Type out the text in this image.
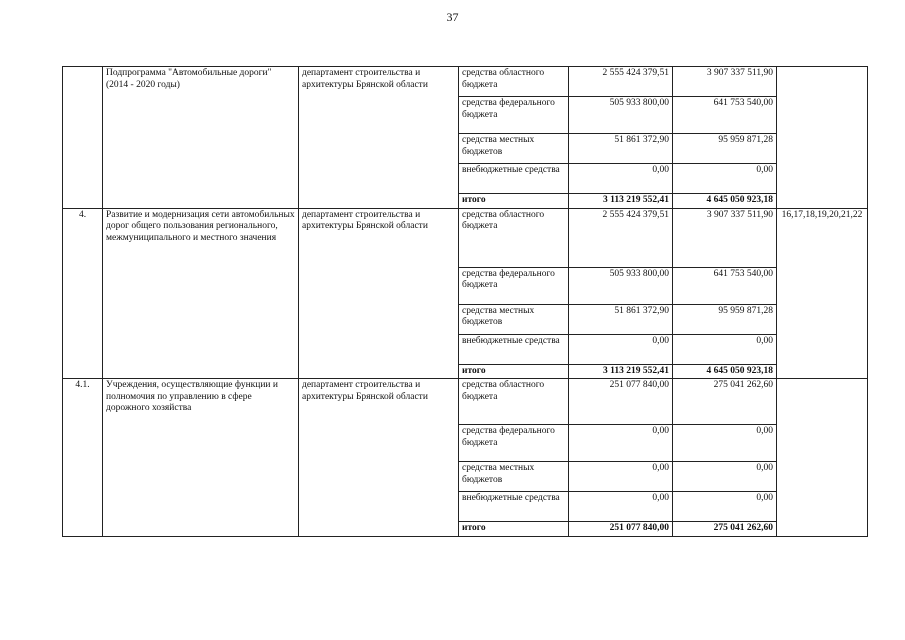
37
	Подпрограмма "Автомобильные дороги" (2014 - 2020 годы)	департамент строительства и архитектуры Брянской области	средства областного бюджета	2 555 424 379,51	3 907 337 511,90	
			средства федерального бюджета	505 933 800,00	641 753 540,00	
			средства местных бюджетов	51 861 372,90	95 959 871,28	
			внебюджетные средства	0,00	0,00	
			итого	3 113 219 552,41	4 645 050 923,18	
4.	Развитие и модернизация сети автомобильных дорог общего пользования регионального, межмуниципального и местного значения	департамент строительства и архитектуры Брянской области	средства областного бюджета	2 555 424 379,51	3 907 337 511,90	16,17,18,19,20,21,22
			средства федерального бюджета	505 933 800,00	641 753 540,00	
			средства местных бюджетов	51 861 372,90	95 959 871,28	
			внебюджетные средства	0,00	0,00	
			итого	3 113 219 552,41	4 645 050 923,18	
4.1.	Учреждения, осуществляющие функции и полномочия по управлению в сфере дорожного хозяйства	департамент строительства и архитектуры Брянской области	средства областного бюджета	251 077 840,00	275 041 262,60	
			средства федерального бюджета	0,00	0,00	
			средства местных бюджетов	0,00	0,00	
			внебюджетные средства	0,00	0,00	
			итого	251 077 840,00	275 041 262,60	
